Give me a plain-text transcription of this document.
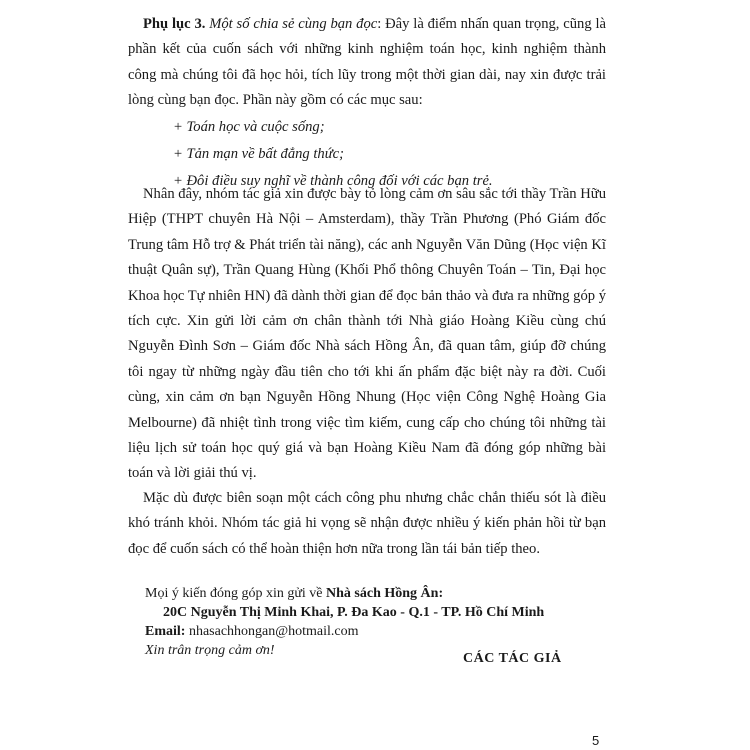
Phụ lục 3. Một số chia sẻ cùng bạn đọc: Đây là điểm nhấn quan trọng, cũng là phần kết của cuốn sách với những kinh nghiệm toán học, kinh nghiệm thành công mà chúng tôi đã học hỏi, tích lũy trong một thời gian dài, nay xin được trải lòng cùng bạn đọc. Phần này gồm có các mục sau:

+ Toán học và cuộc sống;
+ Tản mạn về bất đẳng thức;
+ Đôi điều suy nghĩ về thành công đối với các bạn trẻ.

Nhân đây, nhóm tác giả xin được bày tỏ lòng cảm ơn sâu sắc tới thầy Trần Hữu Hiệp (THPT chuyên Hà Nội – Amsterdam), thầy Trần Phương (Phó Giám đốc Trung tâm Hỗ trợ & Phát triển tài năng), các anh Nguyễn Văn Dũng (Học viện Kĩ thuật Quân sự), Trần Quang Hùng (Khối Phổ thông Chuyên Toán – Tin, Đại học Khoa học Tự nhiên HN) đã dành thời gian để đọc bản thảo và đưa ra những góp ý tích cực. Xin gửi lời cảm ơn chân thành tới Nhà giáo Hoàng Kiều cùng chú Nguyễn Đình Sơn – Giám đốc Nhà sách Hồng Ân, đã quan tâm, giúp đỡ chúng tôi ngay từ những ngày đầu tiên cho tới khi ấn phẩm đặc biệt này ra đời. Cuối cùng, xin cảm ơn bạn Nguyễn Hồng Nhung (Học viện Công Nghệ Hoàng Gia Melbourne) đã nhiệt tình trong việc tìm kiếm, cung cấp cho chúng tôi những tài liệu lịch sử toán học quý giá và bạn Hoàng Kiều Nam đã đóng góp những bài toán và lời giải thú vị.

Mặc dù được biên soạn một cách công phu nhưng chắc chắn thiếu sót là điều khó tránh khỏi. Nhóm tác giả hi vọng sẽ nhận được nhiều ý kiến phản hồi từ bạn đọc để cuốn sách có thể hoàn thiện hơn nữa trong lần tái bản tiếp theo.

Mọi ý kiến đóng góp xin gửi về Nhà sách Hồng Ân:
20C Nguyễn Thị Minh Khai, P. Đa Kao - Q.1 - TP. Hồ Chí Minh
Email: nhasachhongan@hotmail.com
Xin trân trọng cảm ơn!
CÁC TÁC GIẢ
5
